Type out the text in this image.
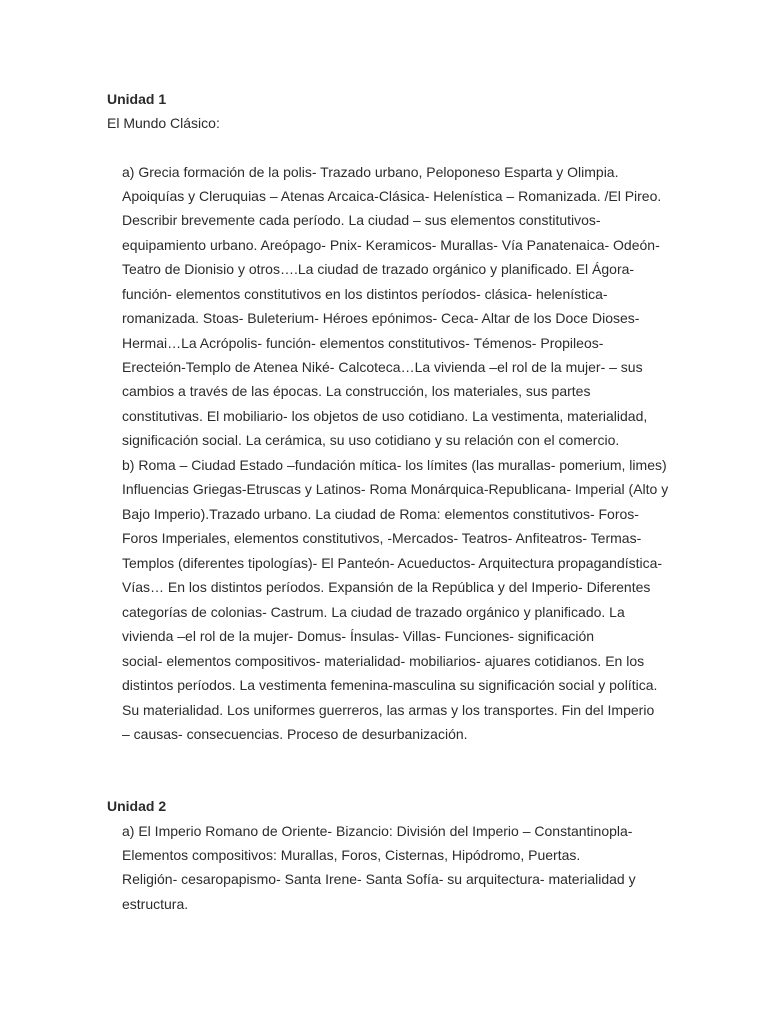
Unidad 1

El Mundo Clásico:

a) Grecia formación de la polis- Trazado urbano, Peloponeso Esparta y Olimpia.

Apoiquías y Cleruquias – Atenas Arcaica-Clásica- Helenística – Romanizada. /El Pireo.

Describir brevemente cada período. La ciudad – sus elementos constitutivos-

equipamiento urbano. Areópago- Pnix- Keramicos- Murallas- Vía Panatenaica- Odeón-

Teatro de Dionisio y otros….La ciudad de trazado orgánico y planificado. El Ágora-

función- elementos constitutivos en los distintos períodos- clásica- helenística-

romanizada. Stoas- Buleterium- Héroes epónimos- Ceca- Altar de los Doce Dioses-

Hermai…La Acrópolis- función- elementos constitutivos- Témenos- Propileos-

Erecteión-Templo de Atenea Niké- Calcoteca…La vivienda –el rol de la mujer- – sus

cambios a través de las épocas. La construcción, los materiales, sus partes

constitutivas. El mobiliario- los objetos de uso cotidiano. La vestimenta, materialidad,

significación social. La cerámica, su uso cotidiano y su relación con el comercio.

b) Roma – Ciudad Estado –fundación mítica- los límites (las murallas- pomerium, limes)

Influencias Griegas-Etruscas y Latinos- Roma Monárquica-Republicana- Imperial (Alto y

Bajo Imperio).Trazado urbano. La ciudad de Roma: elementos constitutivos- Foros-

Foros Imperiales, elementos constitutivos, -Mercados- Teatros- Anfiteatros- Termas-

Templos (diferentes tipologías)- El Panteón- Acueductos- Arquitectura propagandística-

Vías… En los distintos períodos. Expansión de la República y del Imperio- Diferentes

categorías de colonias- Castrum. La ciudad de trazado orgánico y planificado. La

vivienda –el rol de la mujer- Domus- Ínsulas- Villas- Funciones- significación

social- elementos compositivos- materialidad- mobiliarios- ajuares cotidianos. En los

distintos períodos. La vestimenta femenina-masculina su significación social y política.

Su materialidad. Los uniformes guerreros, las armas y los transportes. Fin del Imperio

– causas- consecuencias. Proceso de desurbanización.

Unidad 2

a) El Imperio Romano de Oriente- Bizancio: División del Imperio – Constantinopla-

Elementos compositivos: Murallas, Foros, Cisternas, Hipódromo, Puertas.

Religión- cesaropapismo- Santa Irene- Santa Sofía- su arquitectura- materialidad y

estructura.
